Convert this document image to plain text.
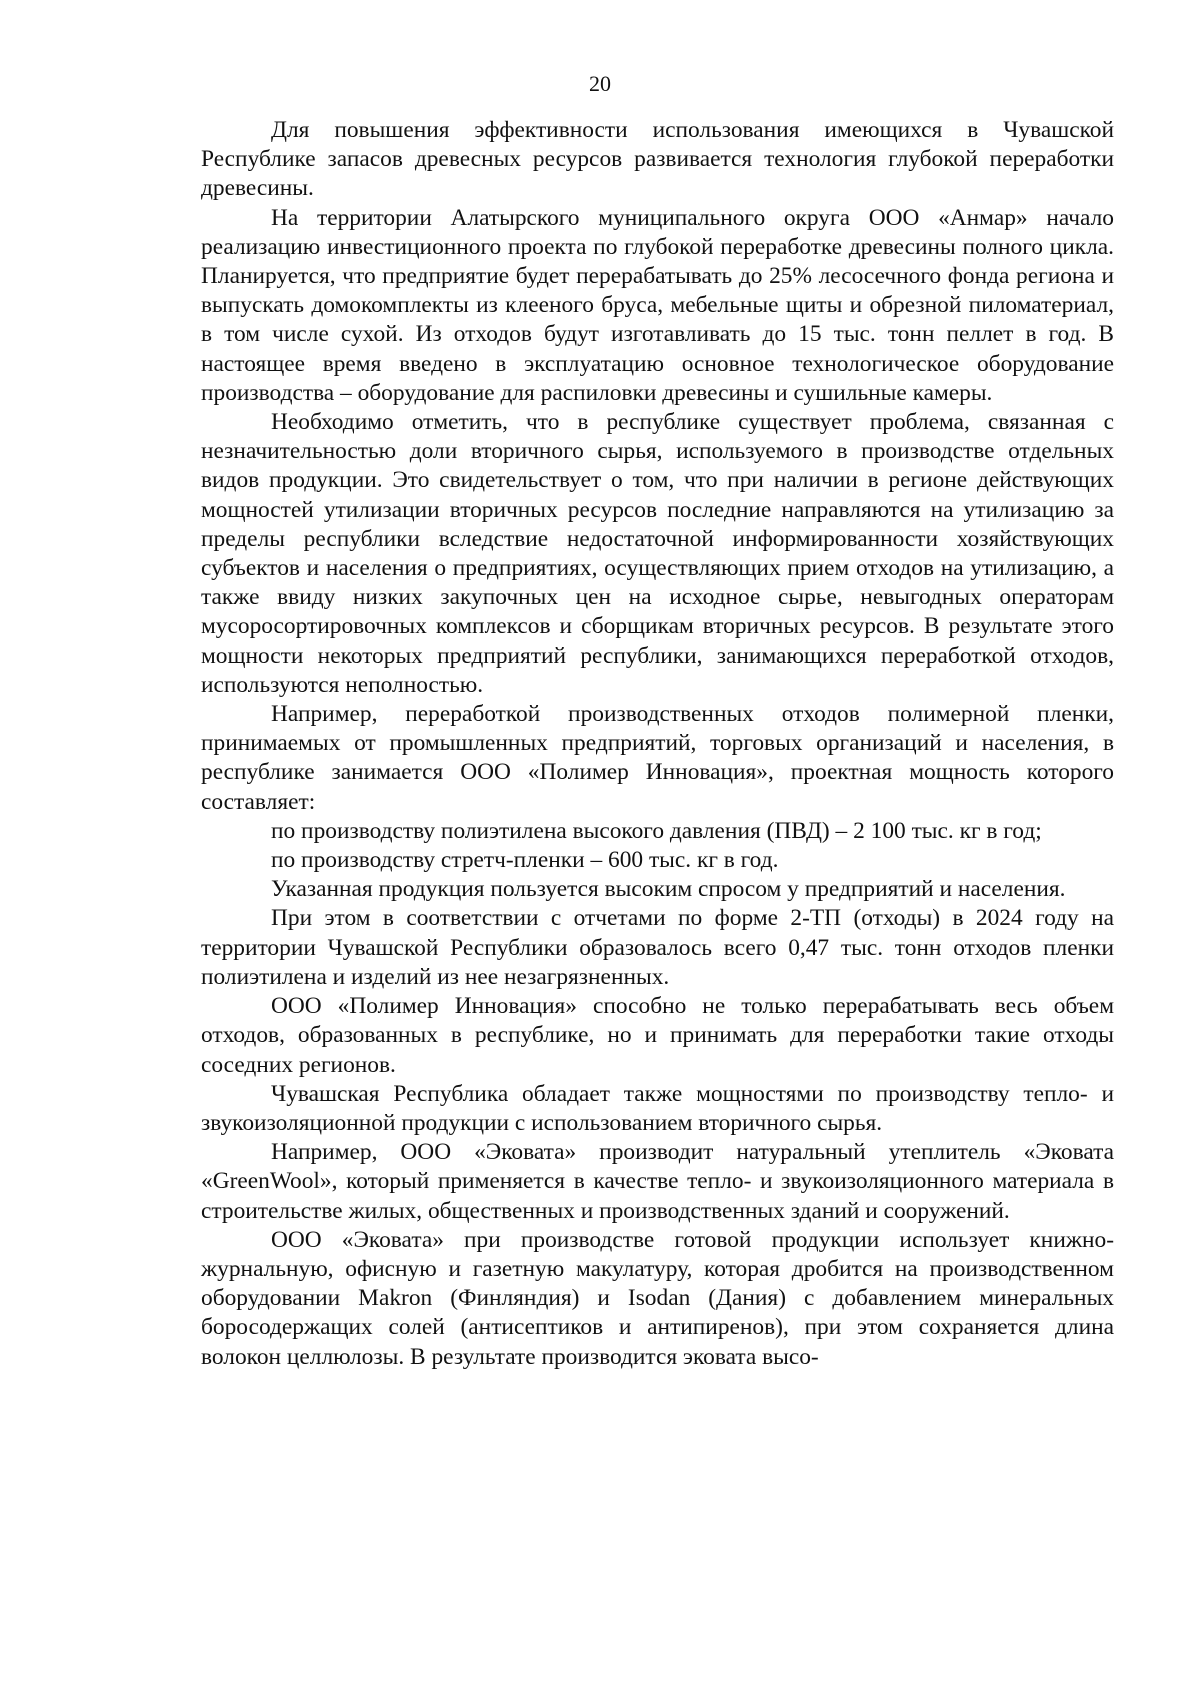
20

Для повышения эффективности использования имеющихся в Чувашской Республике запасов древесных ресурсов развивается технология глубокой переработки древесины.

На территории Алатырского муниципального округа ООО «Анмар» начало реализацию инвестиционного проекта по глубокой переработке древесины полного цикла. Планируется, что предприятие будет перерабатывать до 25% лесосечного фонда региона и выпускать домокомплекты из клееного бруса, мебельные щиты и обрезной пиломатериал, в том числе сухой. Из отходов будут изготавливать до 15 тыс. тонн пеллет в год. В настоящее время введено в эксплуатацию основное технологическое оборудование производства – оборудование для распиловки древесины и сушильные камеры.

Необходимо отметить, что в республике существует проблема, связанная с незначительностью доли вторичного сырья, используемого в производстве отдельных видов продукции. Это свидетельствует о том, что при наличии в регионе действующих мощностей утилизации вторичных ресурсов последние направляются на утилизацию за пределы республики вследствие недостаточной информированности хозяйствующих субъектов и населения о предприятиях, осуществляющих прием отходов на утилизацию, а также ввиду низких закупочных цен на исходное сырье, невыгодных операторам мусоросортировочных комплексов и сборщикам вторичных ресурсов. В результате этого мощности некоторых предприятий республики, занимающихся переработкой отходов, используются неполностью.

Например, переработкой производственных отходов полимерной пленки, принимаемых от промышленных предприятий, торговых организаций и населения, в республике занимается ООО «Полимер Инновация», проектная мощность которого составляет:

по производству полиэтилена высокого давления (ПВД) – 2 100 тыс. кг в год;

по производству стретч-пленки – 600 тыс. кг в год.

Указанная продукция пользуется высоким спросом у предприятий и населения.

При этом в соответствии с отчетами по форме 2-ТП (отходы) в 2024 году на территории Чувашской Республики образовалось всего 0,47 тыс. тонн отходов пленки полиэтилена и изделий из нее незагрязненных.

ООО «Полимер Инновация» способно не только перерабатывать весь объем отходов, образованных в республике, но и принимать для переработки такие отходы соседних регионов.

Чувашская Республика обладает также мощностями по производству тепло- и звукоизоляционной продукции с использованием вторичного сырья.

Например, ООО «Эковата» производит натуральный утеплитель «Эковата «GreenWool», который применяется в качестве тепло- и звукоизоляционного материала в строительстве жилых, общественных и производственных зданий и сооружений.

ООО «Эковата» при производстве готовой продукции использует книжно-журнальную, офисную и газетную макулатуру, которая дробится на производственном оборудовании Makron (Финляндия) и Isodan (Дания) с добавлением минеральных боросодержащих солей (антисептиков и антипиренов), при этом сохраняется длина волокон целлюлозы. В результате производится эковата высо-
